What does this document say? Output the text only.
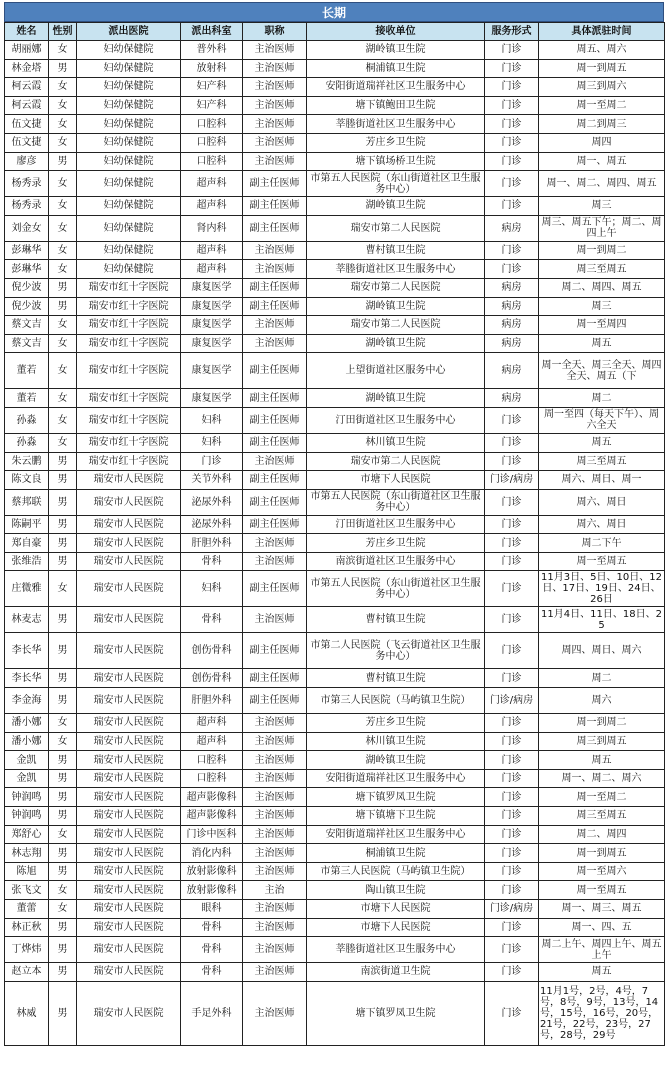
长期
姓名	性别	派出医院	派出科室	职称	接收单位	服务形式	具体派驻时间
胡丽娜	女	妇幼保健院	普外科	主治医师	湖岭镇卫生院	门诊	周五、周六
林金塔	男	妇幼保健院	放射科	主治医师	桐浦镇卫生院	门诊	周一到周五
柯云霞	女	妇幼保健院	妇产科	主治医师	安阳街道瑞祥社区卫生服务中心	门诊	周三到周六
柯云霞	女	妇幼保健院	妇产科	主治医师	塘下镇鲍田卫生院	门诊	周一至周二
伍文捷	女	妇幼保健院	口腔科	主治医师	莘塍街道社区卫生服务中心	门诊	周二到周三
伍文捷	女	妇幼保健院	口腔科	主治医师	芳庄乡卫生院	门诊	周四
廖彦	男	妇幼保健院	口腔科	主治医师	塘下镇场桥卫生院	门诊	周一、周五
杨秀录	女	妇幼保健院	超声科	副主任医师	市第五人民医院（东山街道社区卫生服务中心）	门诊	周一、周二、周四、周五
杨秀录	女	妇幼保健院	超声科	副主任医师	湖岭镇卫生院	门诊	周三
刘金女	女	妇幼保健院	肾内科	副主任医师	瑞安市第二人民医院	病房	周三、周五下午；周二、周四上午
彭琳华	女	妇幼保健院	超声科	主治医师	曹村镇卫生院	门诊	周一到周二
彭琳华	女	妇幼保健院	超声科	主治医师	莘塍街道社区卫生服务中心	门诊	周三至周五
倪少波	男	瑞安市红十字医院	康复医学	副主任医师	瑞安市第二人民医院	病房	周二、周四、周五
倪少波	男	瑞安市红十字医院	康复医学	副主任医师	湖岭镇卫生院	病房	周三
蔡文吉	女	瑞安市红十字医院	康复医学	主治医师	瑞安市第二人民医院	病房	周一至周四
蔡文吉	女	瑞安市红十字医院	康复医学	主治医师	湖岭镇卫生院	病房	周五
董若	女	瑞安市红十字医院	康复医学	副主任医师	上望街道社区服务中心	病房	周一全天、周三全天、周四全天、周五（下
董若	女	瑞安市红十字医院	康复医学	副主任医师	湖岭镇卫生院	病房	周二
孙淼	女	瑞安市红十字医院	妇科	副主任医师	汀田街道社区卫生服务中心	门诊	周一至四（每天下午）、周六全天
孙淼	女	瑞安市红十字医院	妇科	副主任医师	林川镇卫生院	门诊	周五
朱云鹏	男	瑞安市红十字医院	门诊	主治医师	瑞安市第二人民医院	门诊	周三至周五
陈文良	男	瑞安市人民医院	关节外科	副主任医师	市塘下人民医院	门诊/病房	周六、周日、周一
蔡邦联	男	瑞安市人民医院	泌尿外科	副主任医师	市第五人民医院（东山街道社区卫生服务中心）	门诊	周六、周日
陈嗣平	男	瑞安市人民医院	泌尿外科	副主任医师	汀田街道社区卫生服务中心	门诊	周六、周日
郑自豪	男	瑞安市人民医院	肝胆外科	主治医师	芳庄乡卫生院	门诊	周二下午
张维浩	男	瑞安市人民医院	骨科	主治医师	南滨街道社区卫生服务中心	门诊	周一至周五
庄微雅	女	瑞安市人民医院	妇科	副主任医师	市第五人民医院（东山街道社区卫生服务中心）	门诊	11月3日、5日、10日、12日、17日、19日、24日、26日
林麦志	男	瑞安市人民医院	骨科	主治医师	曹村镇卫生院	门诊	11月4日、11日、18日、25
李长华	男	瑞安市人民医院	创伤骨科	副主任医师	市第二人民医院（飞云街道社区卫生服务中心）	门诊	周四、周日、周六
李长华	男	瑞安市人民医院	创伤骨科	副主任医师	曹村镇卫生院	门诊	周二
李金海	男	瑞安市人民医院	肝胆外科	副主任医师	市第三人民医院（马屿镇卫生院）	门诊/病房	周六
潘小娜	女	瑞安市人民医院	超声科	主治医师	芳庄乡卫生院	门诊	周一到周二
潘小娜	女	瑞安市人民医院	超声科	主治医师	林川镇卫生院	门诊	周三到周五
金凯	男	瑞安市人民医院	口腔科	主治医师	湖岭镇卫生院	门诊	周五
金凯	男	瑞安市人民医院	口腔科	主治医师	安阳街道瑞祥社区卫生服务中心	门诊	周一、周二、周六
钟润鸣	男	瑞安市人民医院	超声影像科	主治医师	塘下镇罗凤卫生院	门诊	周一至周二
钟润鸣	男	瑞安市人民医院	超声影像科	主治医师	塘下镇塘下卫生院	门诊	周三至周五
郑舒心	女	瑞安市人民医院	门诊中医科	主治医师	安阳街道瑞祥社区卫生服务中心	门诊	周二、周四
林志翔	男	瑞安市人民医院	消化内科	主治医师	桐浦镇卫生院	门诊	周一到周五
陈旭	男	瑞安市人民医院	放射影像科	主治医师	市第三人民医院（马屿镇卫生院）	门诊	周一至周六
张飞文	女	瑞安市人民医院	放射影像科	主治	陶山镇卫生院	门诊	周一至周五
董蕾	女	瑞安市人民医院	眼科	主治医师	市塘下人民医院	门诊/病房	周一、周三、周五
林正秋	男	瑞安市人民医院	骨科	主治医师	市塘下人民医院	门诊	周一、四、五
丁烨炜	男	瑞安市人民医院	骨科	主治医师	莘塍街道社区卫生服务中心	门诊	周二上午、周四上午、周五上午
赵立本	男	瑞安市人民医院	骨科	主治医师	南滨街道卫生院	门诊	周五
林威	男	瑞安市人民医院	手足外科	主治医师	塘下镇罗凤卫生院	门诊	11月1号，2号，4号，7号，8号，9号，13号，14号，15号，16号，20号，21号，22号，23号，27号，28号，29号
